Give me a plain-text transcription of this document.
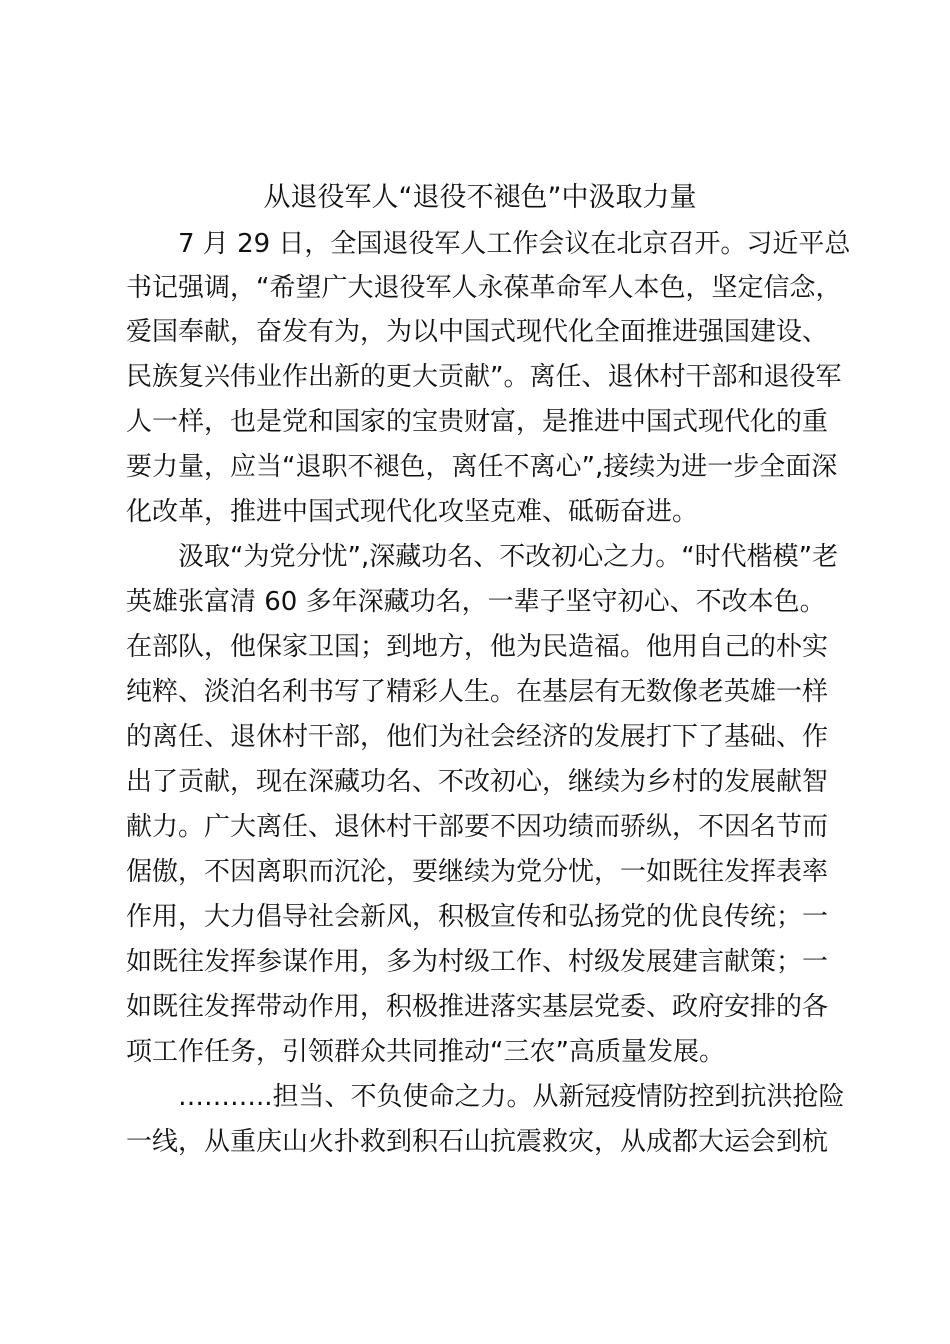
从退役军人“退役不褪色”中汲取力量
7 月 29 日，全国退役军人工作会议在北京召开。习近平总
书记强调，“希望广大退役军人永葆革命军人本色，坚定信念，
爱国奉献，奋发有为，为以中国式现代化全面推进强国建设、
民族复兴伟业作出新的更大贡献”。离任、退休村干部和退役军
人一样，也是党和国家的宝贵财富，是推进中国式现代化的重
要力量，应当“退职不褪色，离任不离心”,接续为进一步全面深
化改革，推进中国式现代化攻坚克难、砥砺奋进。
汲取“为党分忧”,深藏功名、不改初心之力。“时代楷模”老
英雄张富清 60 多年深藏功名，一辈子坚守初心、不改本色。
在部队，他保家卫国；到地方，他为民造福。他用自己的朴实
纯粹、淡泊名利书写了精彩人生。在基层有无数像老英雄一样
的离任、退休村干部，他们为社会经济的发展打下了基础、作
出了贡献，现在深藏功名、不改初心，继续为乡村的发展献智
献力。广大离任、退休村干部要不因功绩而骄纵，不因名节而
倨傲，不因离职而沉沦，要继续为党分忧，一如既往发挥表率
作用，大力倡导社会新风，积极宣传和弘扬党的优良传统；一
如既往发挥参谋作用，多为村级工作、村级发展建言献策；一
如既往发挥带动作用，积极推进落实基层党委、政府安排的各
项工作任务，引领群众共同推动“三农”高质量发展。
………..担当、不负使命之力。从新冠疫情防控到抗洪抢险
一线，从重庆山火扑救到积石山抗震救灾，从成都大运会到杭
